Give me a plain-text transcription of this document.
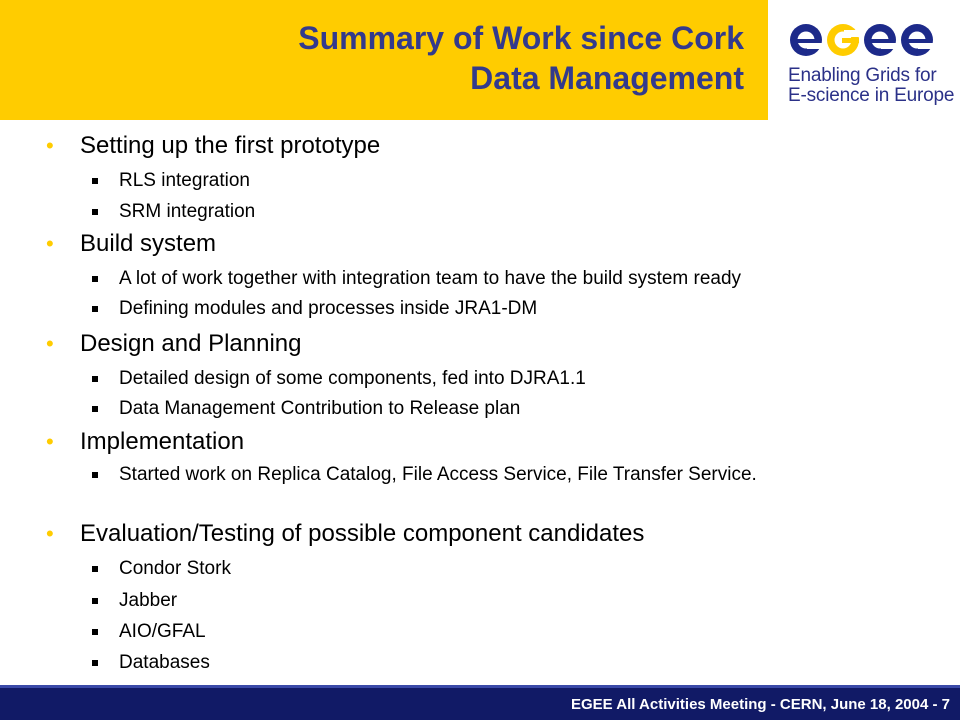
Summary of Work since Cork
Data Management Enabling Grids for
E-science in Europe
• Setting up the first prototype
RLS integration
SRM integration
• Build system
A lot of work together with integration team to have the build system ready
Defining modules and processes inside JRA1-DM
• Design and Planning
Detailed design of some components, fed into DJRA1.1
Data Management Contribution to Release plan
• Implementation
Started work on Replica Catalog, File Access Service, File Transfer Service.
• Evaluation/Testing of possible component candidates
Condor Stork
Jabber
AIO/GFAL
Databases
EGEE All Activities Meeting - CERN, June 18, 2004 - 7
